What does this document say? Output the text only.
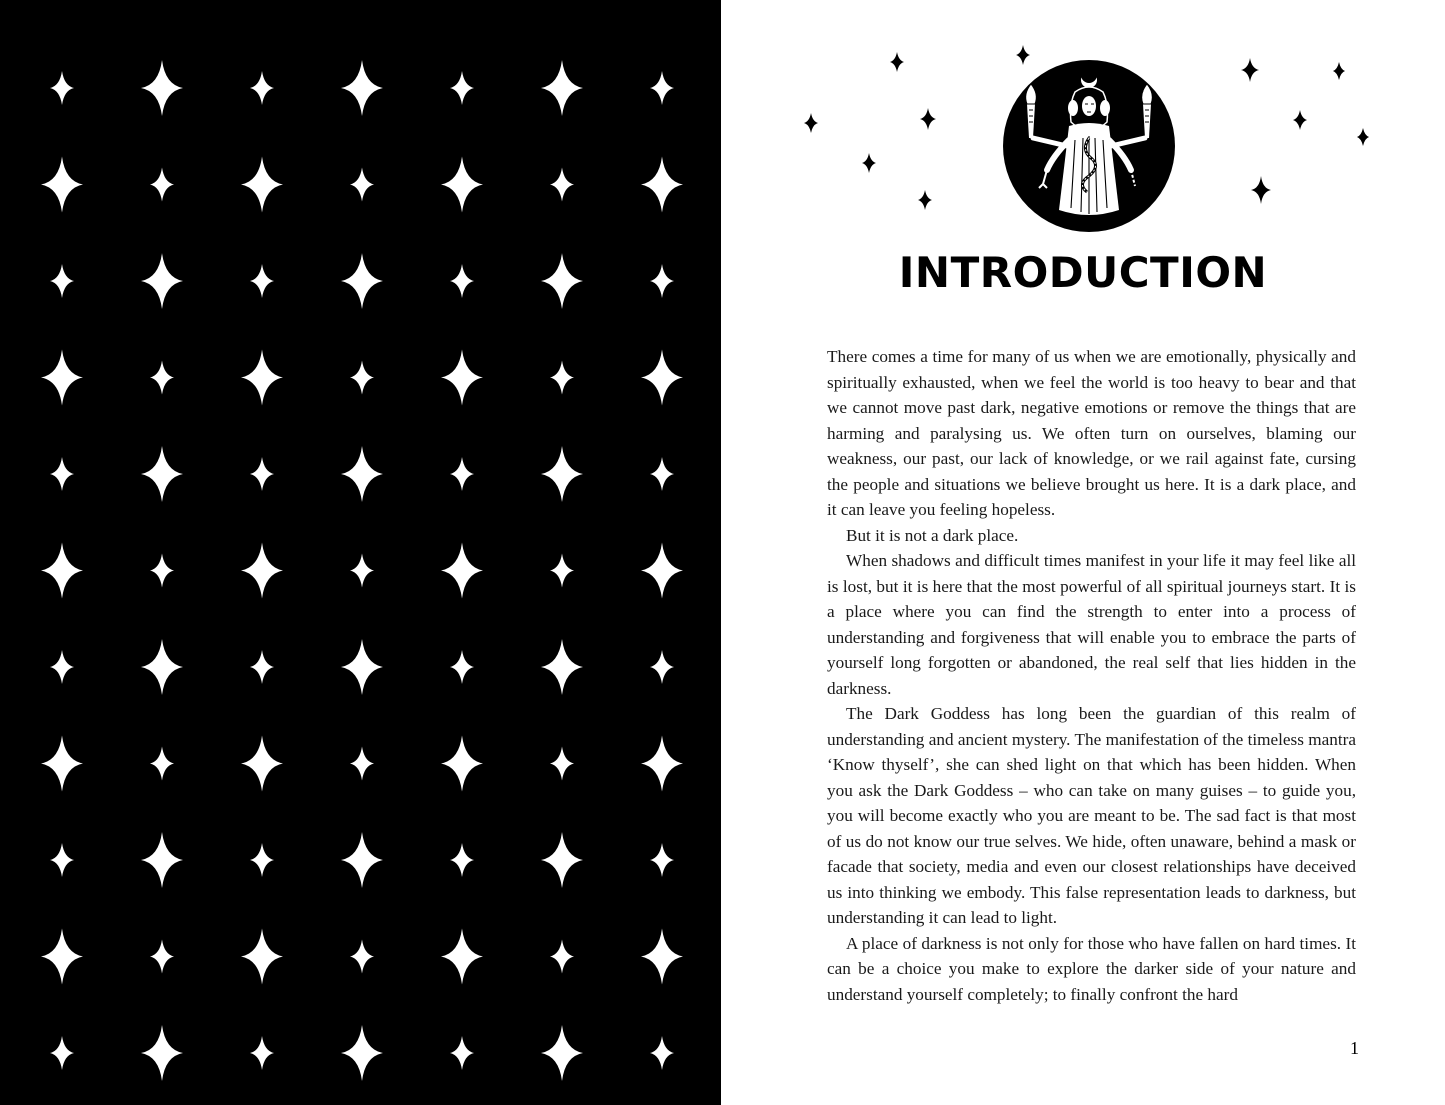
INTRODUCTION

There comes a time for many of us when we are emotionally, physically and spiritually exhausted, when we feel the world is too heavy to bear and that we cannot move past dark, negative emotions or remove the things that are harming and paralysing us. We often turn on ourselves, blaming our weakness, our past, our lack of knowledge, or we rail against fate, cursing the people and situations we believe brought us here. It is a dark place, and it can leave you feeling hopeless.

But it is not a dark place.

When shadows and difficult times manifest in your life it may feel like all is lost, but it is here that the most powerful of all spiritual journeys start. It is a place where you can find the strength to enter into a process of understanding and forgiveness that will enable you to embrace the parts of yourself long forgotten or abandoned, the real self that lies hidden in the darkness.

The Dark Goddess has long been the guardian of this realm of understanding and ancient mystery. The manifestation of the timeless mantra ‘Know thyself’, she can shed light on that which has been hidden. When you ask the Dark Goddess – who can take on many guises – to guide you, you will become exactly who you are meant to be. The sad fact is that most of us do not know our true selves. We hide, often unaware, behind a mask or facade that society, media and even our closest relationships have deceived us into thinking we embody. This false representation leads to darkness, but understanding it can lead to light.

A place of darkness is not only for those who have fallen on hard times. It can be a choice you make to explore the darker side of your nature and understand yourself completely; to finally confront the hard

1
